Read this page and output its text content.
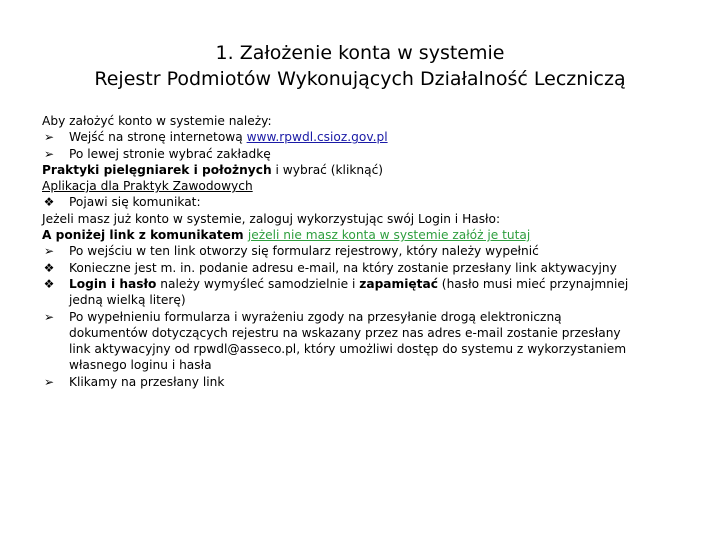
1. Założenie konta w systemie
Rejestr Podmiotów Wykonujących Działalność Leczniczą
Aby założyć konto w systemie należy:
➢ Wejść na stronę internetową www.rpwdl.csioz.gov.pl
➢ Po lewej stronie wybrać zakładkę
Praktyki pielęgniarek i położnych i wybrać (kliknąć)
Aplikacja dla Praktyk Zawodowych
❖ Pojawi się komunikat:
Jeżeli masz już konto w systemie, zaloguj wykorzystując swój Login i Hasło:
A poniżej link z komunikatem jeżeli nie masz konta w systemie załóż je tutaj
➢ Po wejściu w ten link otworzy się formularz rejestrowy, który należy wypełnić
❖ Konieczne jest m. in. podanie adresu e-mail, na który zostanie przesłany link aktywacyjny
❖ Login i hasło należy wymyśleć samodzielnie i zapamiętać (hasło musi mieć przynajmniej
jedną wielką literę)
➢ Po wypełnieniu formularza i wyrażeniu zgody na przesyłanie drogą elektroniczną
dokumentów dotyczących rejestru na wskazany przez nas adres e-mail zostanie przesłany
link aktywacyjny od rpwdl@asseco.pl, który umożliwi dostęp do systemu z wykorzystaniem
własnego loginu i hasła
➢ Klikamy na przesłany link
